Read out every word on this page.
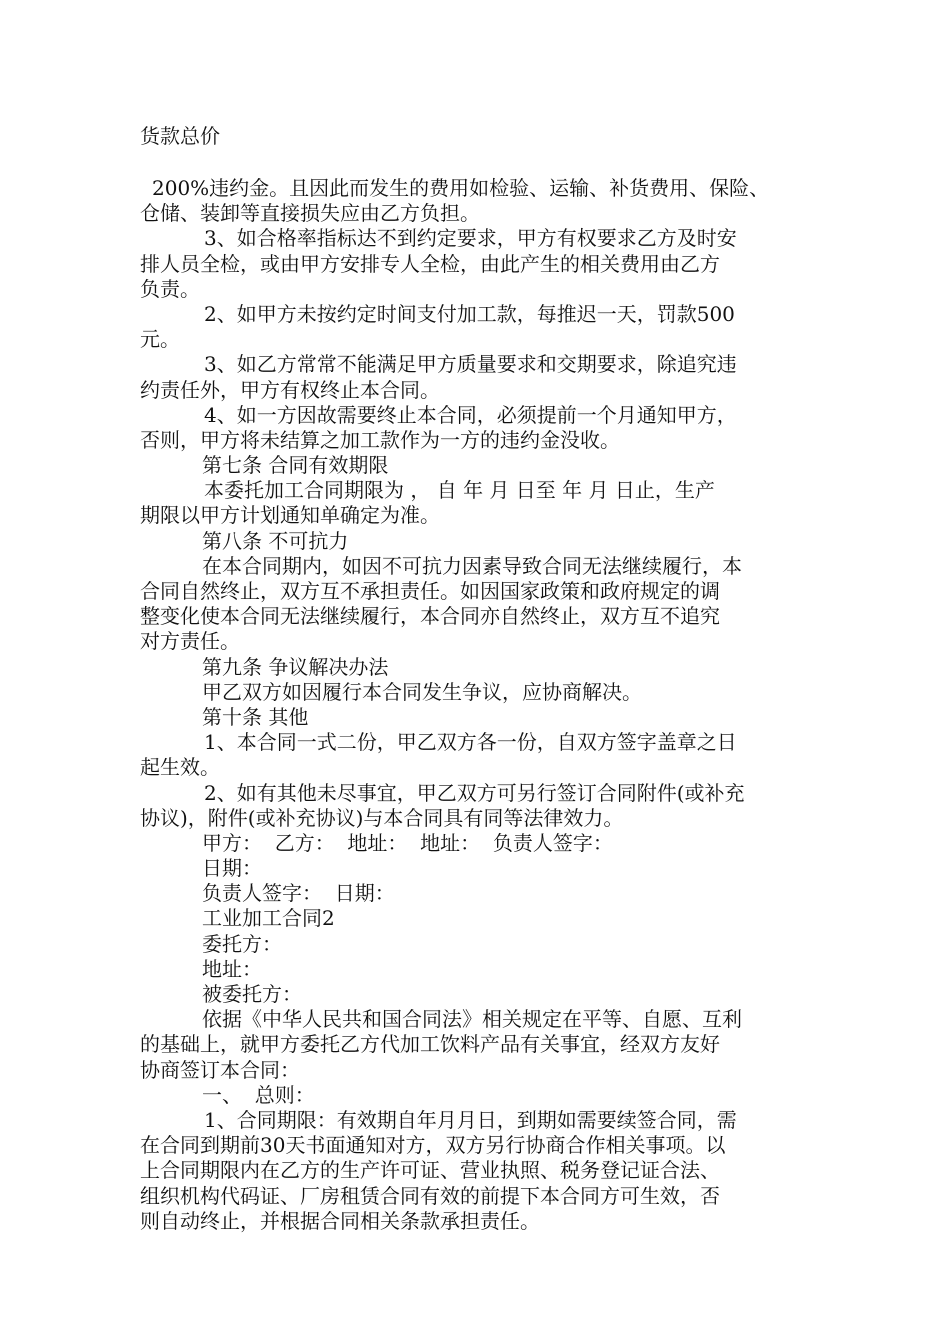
货款总价
200%违约金。且因此而发生的费用如检验、运输、补货费用、保险、
仓储、装卸等直接损失应由乙方负担。
3、如合格率指标达不到约定要求，甲方有权要求乙方及时安
排人员全检，或由甲方安排专人全检，由此产生的相关费用由乙方
负责。
2、如甲方未按约定时间支付加工款，每推迟一天，罚款500
元。
3、如乙方常常不能满足甲方质量要求和交期要求，除追究违
约责任外，甲方有权终止本合同。
4、如一方因故需要终止本合同，必须提前一个月通知甲方，
否则，甲方将未结算之加工款作为一方的违约金没收。
第七条 合同有效期限
本委托加工合同期限为 ， 自 年 月 日至 年 月 日止，生产
期限以甲方计划通知单确定为准。
第八条 不可抗力
在本合同期内，如因不可抗力因素导致合同无法继续履行，本
合同自然终止，双方互不承担责任。如因国家政策和政府规定的调
整变化使本合同无法继续履行，本合同亦自然终止，双方互不追究
对方责任。
第九条 争议解决办法
甲乙双方如因履行本合同发生争议，应协商解决。
第十条 其他
1、本合同一式二份，甲乙双方各一份，自双方签字盖章之日
起生效。
2、如有其他未尽事宜，甲乙双方可另行签订合同附件(或补充
协议)，附件(或补充协议)与本合同具有同等法律效力。
甲方：  乙方：  地址：  地址：  负责人签字：
日期：
负责人签字：  日期：
工业加工合同2
委托方：
地址：
被委托方：
依据《中华人民共和国合同法》相关规定在平等、自愿、互利
的基础上，就甲方委托乙方代加工饮料产品有关事宜，经双方友好
协商签订本合同：
一、  总则：
1、合同期限：有效期自年月月日，到期如需要续签合同，需
在合同到期前30天书面通知对方，双方另行协商合作相关事项。以
上合同期限内在乙方的生产许可证、营业执照、税务登记证合法、
组织机构代码证、厂房租赁合同有效的前提下本合同方可生效，否
则自动终止，并根据合同相关条款承担责任。
